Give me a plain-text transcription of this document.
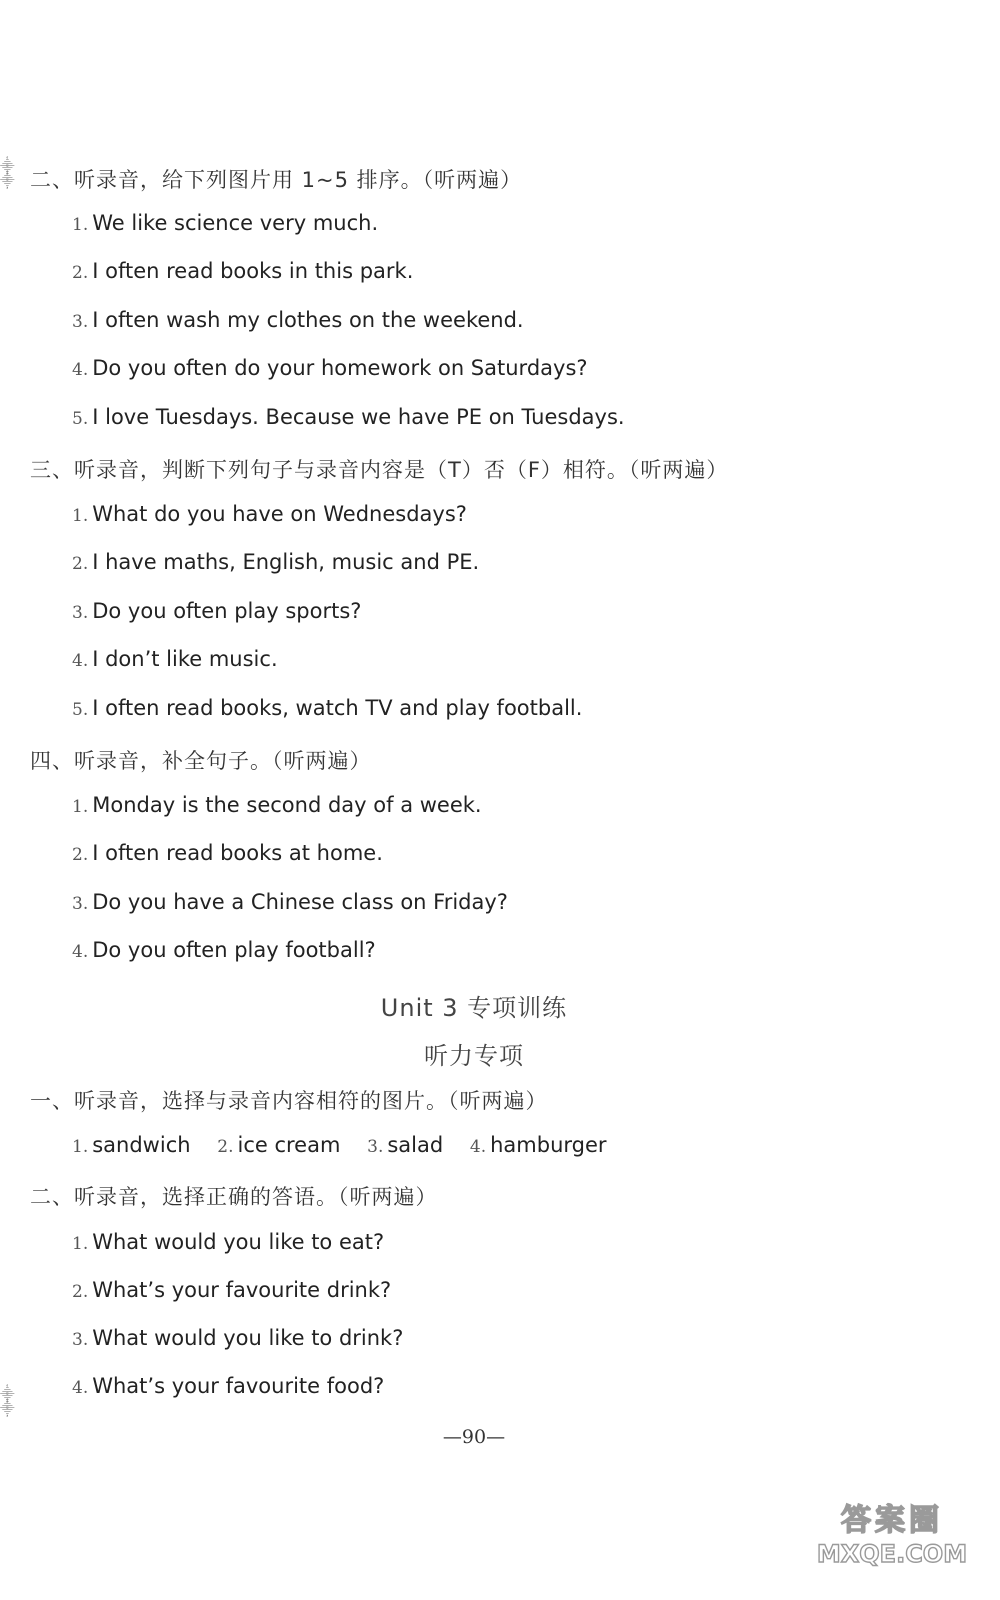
⸎
⸎
⸎
⸎
二、听录音，给下列图片用 1~5 排序。（听两遍）
1. We like science very much.
2. I often read books in this park.
3. I often wash my clothes on the weekend.
4. Do you often do your homework on Saturdays?
5. I love Tuesdays. Because we have PE on Tuesdays.
三、听录音，判断下列句子与录音内容是（T）否（F）相符。（听两遍）
1. What do you have on Wednesdays?
2. I have maths, English, music and PE.
3. Do you often play sports?
4. I don’t like music.
5. I often read books, watch TV and play football.
四、听录音，补全句子。（听两遍）
1. Monday is the second day of a week.
2. I often read books at home.
3. Do you have a Chinese class on Friday?
4. Do you often play football?
Unit 3 专项训练
听力专项
一、听录音，选择与录音内容相符的图片。（听两遍）
1. sandwich 2. ice cream 3. salad 4. hamburger
二、听录音，选择正确的答语。（听两遍）
1. What would you like to eat?
2. What’s your favourite drink?
3. What would you like to drink?
4. What’s your favourite food?
—90—
答案圈
MXQE.COM
